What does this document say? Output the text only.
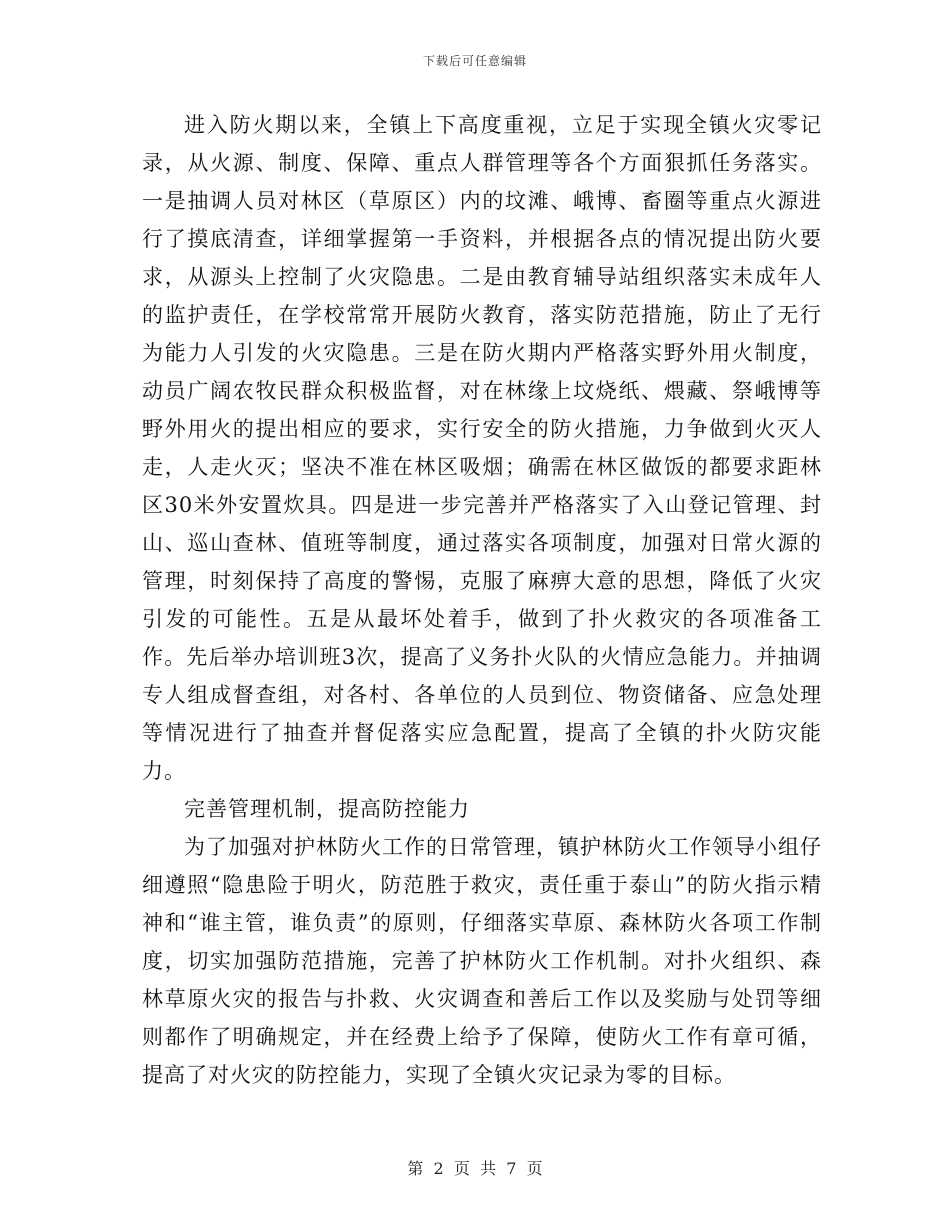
下载后可任意编辑

进入防火期以来，全镇上下高度重视，立足于实现全镇火灾零记录，从火源、制度、保障、重点人群管理等各个方面狠抓任务落实。一是抽调人员对林区（草原区）内的坟滩、峨博、畜圈等重点火源进行了摸底清查，详细掌握第一手资料，并根据各点的情况提出防火要求，从源头上控制了火灾隐患。二是由教育辅导站组织落实未成年人的监护责任，在学校常常开展防火教育，落实防范措施，防止了无行为能力人引发的火灾隐患。三是在防火期内严格落实野外用火制度，动员广阔农牧民群众积极监督，对在林缘上坟烧纸、煨藏、祭峨博等野外用火的提出相应的要求，实行安全的防火措施，力争做到火灭人走，人走火灭；坚决不准在林区吸烟；确需在林区做饭的都要求距林区30米外安置炊具。四是进一步完善并严格落实了入山登记管理、封山、巡山查林、值班等制度，通过落实各项制度，加强对日常火源的管理，时刻保持了高度的警惕，克服了麻痹大意的思想，降低了火灾引发的可能性。五是从最坏处着手，做到了扑火救灾的各项准备工作。先后举办培训班3次，提高了义务扑火队的火情应急能力。并抽调专人组成督查组，对各村、各单位的人员到位、物资储备、应急处理等情况进行了抽查并督促落实应急配置，提高了全镇的扑火防灾能力。

完善管理机制，提高防控能力

为了加强对护林防火工作的日常管理，镇护林防火工作领导小组仔细遵照“隐患险于明火，防范胜于救灾，责任重于泰山”的防火指示精神和“谁主管，谁负责”的原则，仔细落实草原、森林防火各项工作制度，切实加强防范措施，完善了护林防火工作机制。对扑火组织、森林草原火灾的报告与扑救、火灾调查和善后工作以及奖励与处罚等细则都作了明确规定，并在经费上给予了保障，使防火工作有章可循，提高了对火灾的防控能力，实现了全镇火灾记录为零的目标。

第  2  页  共  7  页
